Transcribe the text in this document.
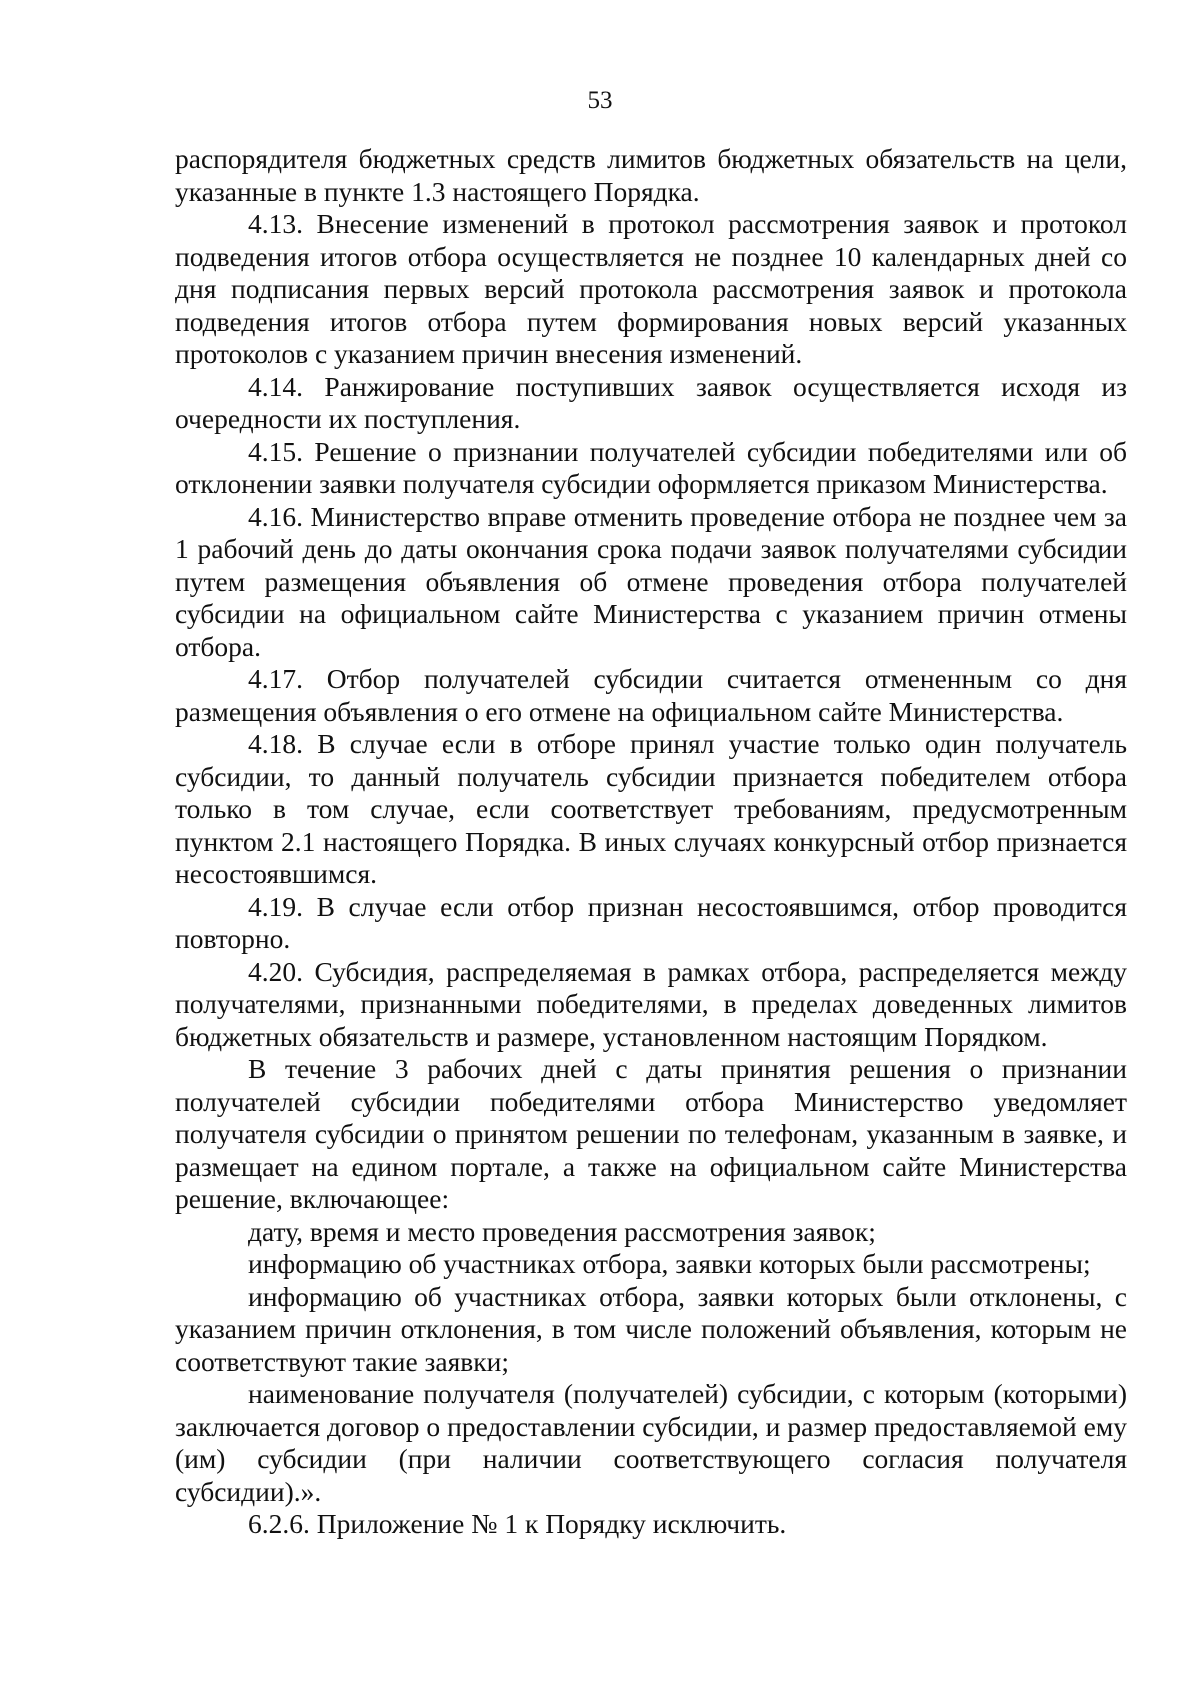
53

распорядителя бюджетных средств лимитов бюджетных обязательств на цели, указанные в пункте 1.3 настоящего Порядка.

4.13. Внесение изменений в протокол рассмотрения заявок и протокол подведения итогов отбора осуществляется не позднее 10 календарных дней со дня подписания первых версий протокола рассмотрения заявок и протокола подведения итогов отбора путем формирования новых версий указанных протоколов с указанием причин внесения изменений.

4.14. Ранжирование поступивших заявок осуществляется исходя из очередности их поступления.

4.15. Решение о признании получателей субсидии победителями или об отклонении заявки получателя субсидии оформляется приказом Министерства.

4.16. Министерство вправе отменить проведение отбора не позднее чем за 1 рабочий день до даты окончания срока подачи заявок получателями субсидии путем размещения объявления об отмене проведения отбора получателей субсидии на официальном сайте Министерства с указанием причин отмены отбора.

4.17. Отбор получателей субсидии считается отмененным со дня размещения объявления о его отмене на официальном сайте Министерства.

4.18. В случае если в отборе принял участие только один получатель субсидии, то данный получатель субсидии признается победителем отбора только в том случае, если соответствует требованиям, предусмотренным пунктом 2.1 настоящего Порядка. В иных случаях конкурсный отбор признается несостоявшимся.

4.19. В случае если отбор признан несостоявшимся, отбор проводится повторно.

4.20. Субсидия, распределяемая в рамках отбора, распределяется между получателями, признанными победителями, в пределах доведенных лимитов бюджетных обязательств и размере, установленном настоящим Порядком.

В течение 3 рабочих дней с даты принятия решения о признании получателей субсидии победителями отбора Министерство уведомляет получателя субсидии о принятом решении по телефонам, указанным в заявке, и размещает на едином портале, а также на официальном сайте Министерства решение, включающее:

дату, время и место проведения рассмотрения заявок;

информацию об участниках отбора, заявки которых были рассмотрены;

информацию об участниках отбора, заявки которых были отклонены, с указанием причин отклонения, в том числе положений объявления, которым не соответствуют такие заявки;

наименование получателя (получателей) субсидии, с которым (которыми) заключается договор о предоставлении субсидии, и размер предоставляемой ему (им) субсидии (при наличии соответствующего согласия получателя субсидии).».

6.2.6. Приложение № 1 к Порядку исключить.
